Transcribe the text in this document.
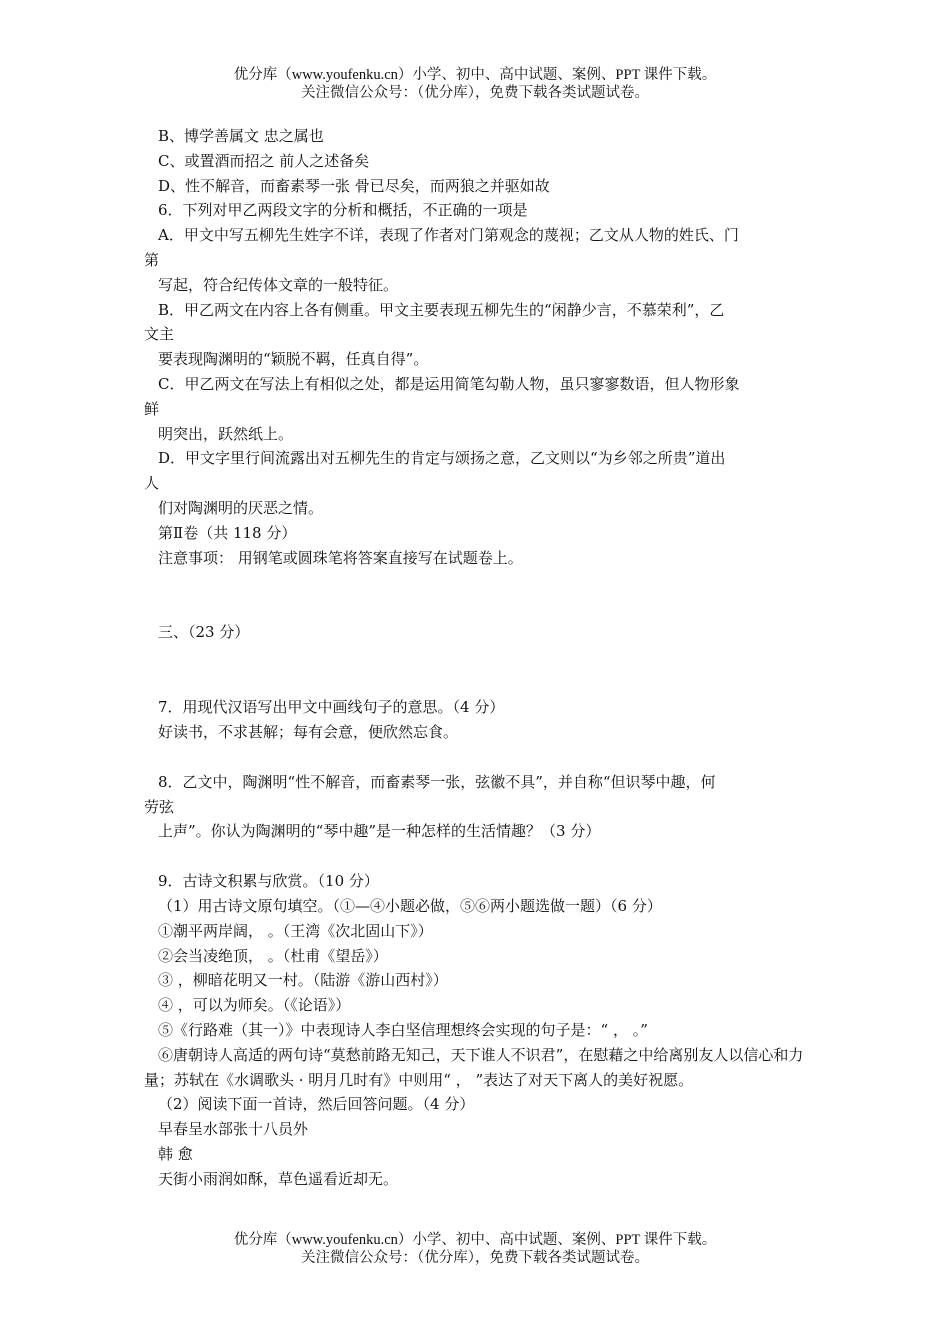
优分库（www.youfenku.cn）小学、初中、高中试题、案例、PPT 课件下载。
关注微信公众号：（优分库），免费下载各类试题试卷。
B、博学善属文 忠之属也
C、或置酒而招之 前人之述备矣
D、性不解音，而畜素琴一张 骨已尽矣，而两狼之并驱如故
6．下列对甲乙两段文字的分析和概括，不正确的一项是
A．甲文中写五柳先生姓字不详，表现了作者对门第观念的蔑视；乙文从人物的姓氏、门
第
写起，符合纪传体文章的一般特征。
B．甲乙两文在内容上各有侧重。甲文主要表现五柳先生的“闲静少言，不慕荣利”，乙
文主
要表现陶渊明的“颖脱不羁，任真自得”。
C．甲乙两文在写法上有相似之处，都是运用简笔勾勒人物，虽只寥寥数语，但人物形象
鲜
明突出，跃然纸上。
D．甲文字里行间流露出对五柳先生的肯定与颂扬之意，乙文则以“为乡邻之所贵”道出
人
们对陶渊明的厌恶之情。
第Ⅱ卷（共 118 分）
注意事项： 用钢笔或圆珠笔将答案直接写在试题卷上。
三、（23 分）
7．用现代汉语写出甲文中画线句子的意思。（4 分）
好读书，不求甚解；每有会意，便欣然忘食。
8．乙文中，陶渊明“性不解音，而畜素琴一张，弦徽不具”，并自称“但识琴中趣，何
劳弦
上声”。你认为陶渊明的“琴中趣”是一种怎样的生活情趣？（3 分）
9．古诗文积累与欣赏。（10 分）
（1）用古诗文原句填空。（①—④小题必做，⑤⑥两小题选做一题）（6 分）
①潮平两岸阔， 。（王湾《次北固山下》）
②会当凌绝顶， 。（杜甫《望岳》）
③ ，柳暗花明又一村。（陆游《游山西村》）
④ ，可以为师矣。（《论语》）
⑤《行路难（其一）》中表现诗人李白坚信理想终会实现的句子是：“ ， 。”
⑥唐朝诗人高适的两句诗“莫愁前路无知己，天下谁人不识君”，在慰藉之中给离别友人以信心和力量；苏轼在《水调歌头 · 明月几时有》中则用“ ， ”表达了对天下离人的美好祝愿。
（2）阅读下面一首诗，然后回答问题。（4 分）
早春呈水部张十八员外
韩 愈
天街小雨润如酥，草色遥看近却无。
优分库（www.youfenku.cn）小学、初中、高中试题、案例、PPT 课件下载。
关注微信公众号：（优分库），免费下载各类试题试卷。
